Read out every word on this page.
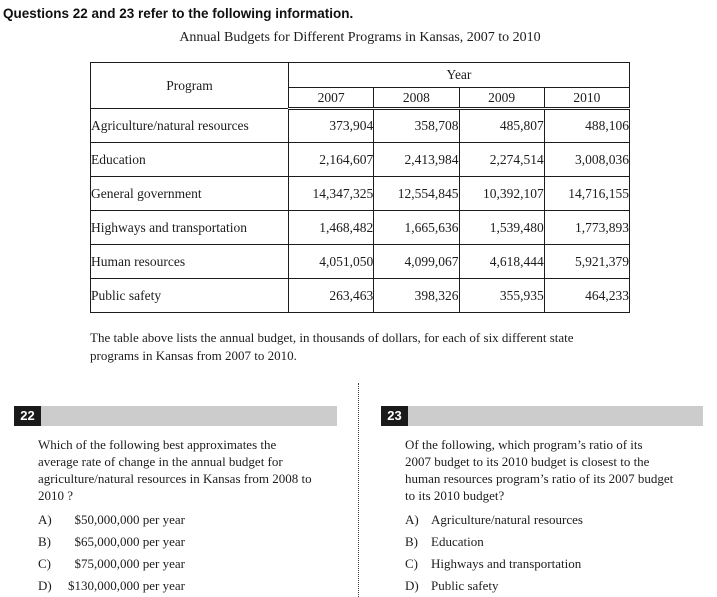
Questions 22 and 23 refer to the following information.
Annual Budgets for Different Programs in Kansas, 2007 to 2010
Program	Year			
	2007	2008	2009	2010
Agriculture/natural resources	373,904	358,708	485,807	488,106
Education	2,164,607	2,413,984	2,274,514	3,008,036
General government	14,347,325	12,554,845	10,392,107	14,716,155
Highways and transportation	1,468,482	1,665,636	1,539,480	1,773,893
Human resources	4,051,050	4,099,067	4,618,444	5,921,379
Public safety	263,463	398,326	355,935	464,233
The table above lists the annual budget, in thousands of dollars, for each of six different state
programs in Kansas from 2007 to 2010.
22
Which of the following best approximates the
average rate of change in the annual budget for
agriculture/natural resources in Kansas from 2008 to
2010 ?
A)	$50,000,000 per year
B)	$65,000,000 per year
C)	$75,000,000 per year
D)	$130,000,000 per year
23
Of the following, which program’s ratio of its
2007 budget to its 2010 budget is closest to the
human resources program’s ratio of its 2007 budget
to its 2010 budget?
A) Agriculture/natural resources
B)	Education
C)	Highways and transportation
D) Public safety
